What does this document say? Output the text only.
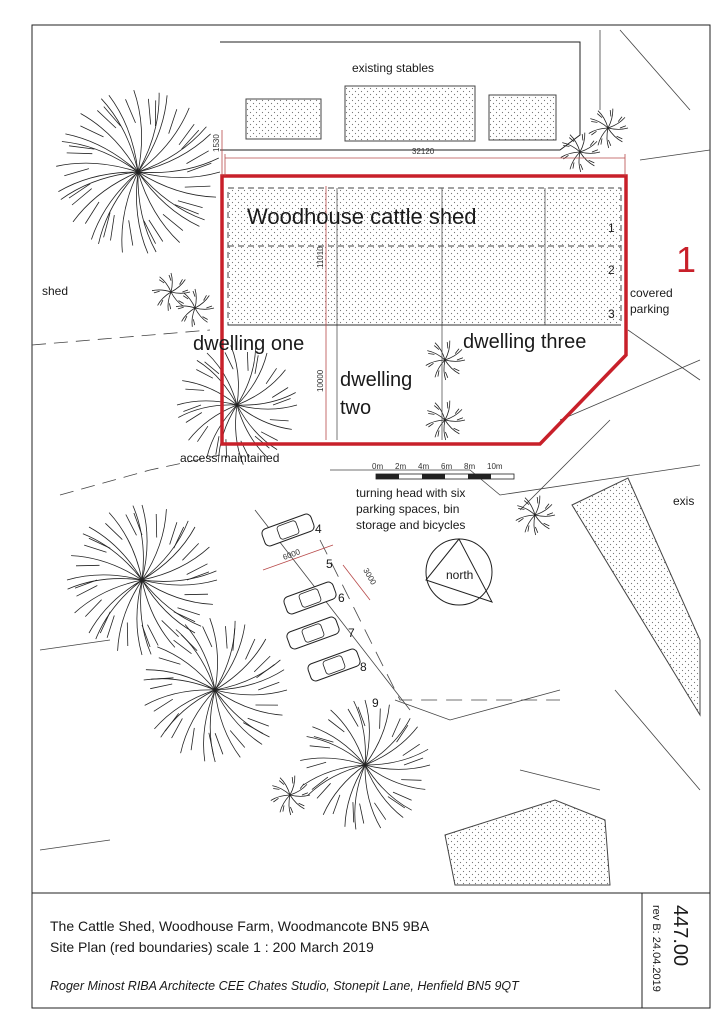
existing stables
32120
1530
11010
10000
6000
3000
Woodhouse cattle shed	1
2
3
1
covered
parking
shed
dwelling one
dwelling
two
dwelling three
access maintained
exis
0m 2m 4m 6m 8m 10m
turning head with six
parking spaces, bin
storage and bicycles
north
4
5
6
7
8
9
The Cattle Shed, Woodhouse Farm, Woodmancote BN5 9BA
Site Plan (red boundaries) scale 1 : 200 March 2019
Roger Minost RIBA Architecte CEE Chates Studio, Stonepit Lane, Henfield BN5 9QT
447.00
rev B: 24.04.2019
